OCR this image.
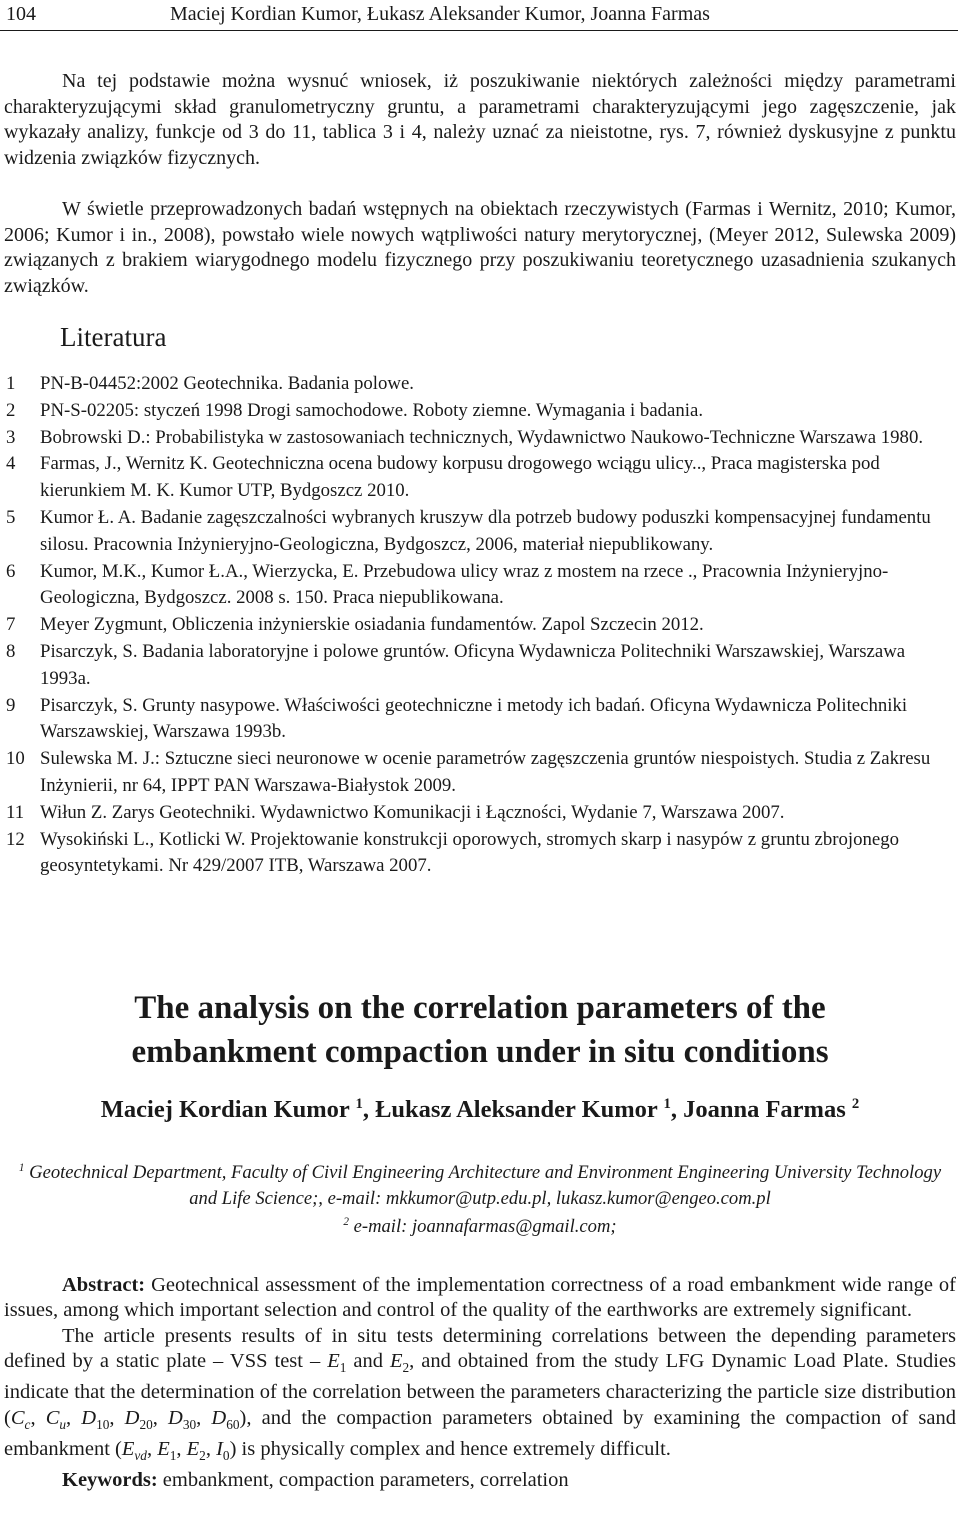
104	Maciej Kordian Kumor, Łukasz Aleksander Kumor, Joanna Farmas

Na tej podstawie można wysnuć wniosek, iż poszukiwanie niektórych zależności między parametrami charakteryzującymi skład granulometryczny gruntu, a parametrami charakteryzującymi jego zagęszczenie, jak wykazały analizy, funkcje od 3 do 11, tablica 3 i 4, należy uznać za nieistotne, rys. 7, również dyskusyjne z punktu widzenia związków fizycznych.

W świetle przeprowadzonych badań wstępnych na obiektach rzeczywistych (Farmas i Wernitz, 2010; Kumor, 2006; Kumor i in., 2008), powstało wiele nowych wątpliwości natury merytorycznej, (Meyer 2012, Sulewska 2009) związanych z brakiem wiarygodnego modelu fizycznego przy poszukiwaniu teoretycznego uzasadnienia szukanych związków.

Literatura
1 PN-B-04452:2002 Geotechnika. Badania polowe.
2 PN-S-02205: styczeń 1998 Drogi samochodowe. Roboty ziemne. Wymagania i badania.
3 Bobrowski D.: Probabilistyka w zastosowaniach technicznych, Wydawnictwo Naukowo-Techniczne Warszawa 1980.
4 Farmas, J., Wernitz K. Geotechniczna ocena budowy korpusu drogowego wciągu ulicy.., Praca magisterska pod kierunkiem M. K. Kumor UTP, Bydgoszcz 2010.
5 Kumor Ł. A. Badanie zagęszczalności wybranych kruszyw dla potrzeb budowy poduszki kompensacyjnej fundamentu silosu. Pracownia Inżynieryjno-Geologiczna, Bydgoszcz, 2006, materiał niepublikowany.
6 Kumor, M.K., Kumor Ł.A., Wierzycka, E. Przebudowa ulicy wraz z mostem na rzece ., Pracownia Inżynieryjno-Geologiczna, Bydgoszcz. 2008 s. 150. Praca niepublikowana.
7 Meyer Zygmunt, Obliczenia inżynierskie osiadania fundamentów. Zapol Szczecin 2012.
8 Pisarczyk, S. Badania laboratoryjne i polowe gruntów. Oficyna Wydawnicza Politechniki Warszawskiej, Warszawa 1993a.
9 Pisarczyk, S. Grunty nasypowe. Właściwości geotechniczne i metody ich badań. Oficyna Wydawnicza Politechniki Warszawskiej, Warszawa 1993b.
10 Sulewska M. J.: Sztuczne sieci neuronowe w ocenie parametrów zagęszczenia gruntów niespoistych. Studia z Zakresu Inżynierii, nr 64, IPPT PAN Warszawa-Białystok 2009.
11 Wiłun Z. Zarys Geotechniki. Wydawnictwo Komunikacji i Łączności, Wydanie 7, Warszawa 2007.
12 Wysokiński L., Kotlicki W. Projektowanie konstrukcji oporowych, stromych skarp i nasypów z gruntu zbrojonego geosyntetykami. Nr 429/2007 ITB, Warszawa 2007.
The analysis on the correlation parameters of the
embankment compaction under in situ conditions
Maciej Kordian Kumor $^1$, Łukasz Aleksander Kumor $^1$, Joanna Farmas $^2$
$^1$ Geotechnical Department, Faculty of Civil Engineering Architecture and Environment Engineering University Technology and Life Science;, e-mail: mkkumor@utp.edu.pl, lukasz.kumor@engeo.com.pl
$^2$ e-mail: joannafarmas@gmail.com;

Abstract: Geotechnical assessment of the implementation correctness of a road embankment wide range of issues, among which important selection and control of the quality of the earthworks are extremely significant.

The article presents results of in situ tests determining correlations between the depending parameters defined by a static plate – VSS test – $E_1$ and $E_2$, and obtained from the study LFG Dynamic Load Plate. Studies indicate that the determination of the correlation between the parameters characterizing the particle size distribution ($C_c$, $C_u$, $D_{10}$, $D_{20}$, $D_{30}$, $D_{60}$), and the compaction parameters obtained by examining the compaction of sand embankment ($E_{vd}$, $E_1$, $E_2$, $I_0$) is physically complex and hence extremely difficult.

Keywords: embankment, compaction parameters, correlation
